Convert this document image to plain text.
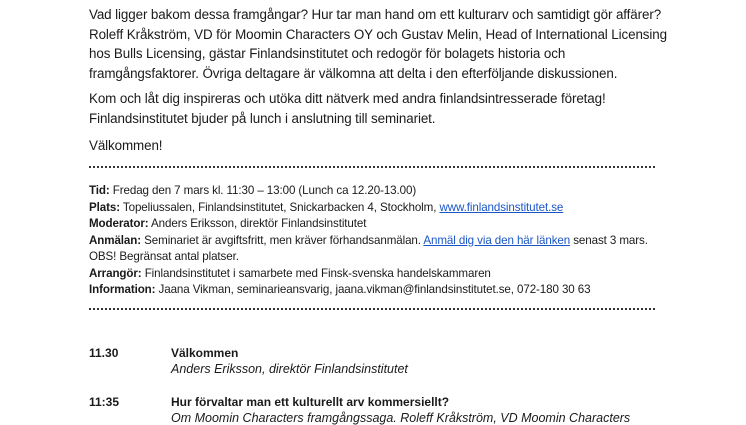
Vad ligger bakom dessa framgångar? Hur tar man hand om ett kulturarv och samtidigt gör affärer? Roleff Kråkström, VD för Moomin Characters OY och Gustav Melin, Head of International Licensing hos Bulls Licensing, gästar Finlandsinstitutet och redogör för bolagets historia och framgångsfaktorer. Övriga deltagare är välkomna att delta i den efterföljande diskussionen.

Kom och låt dig inspireras och utöka ditt nätverk med andra finlandsintresserade företag! Finlandsinstitutet bjuder på lunch i anslutning till seminariet.

Välkommen!

Tid: Fredag den 7 mars kl. 11:30 – 13:00 (Lunch ca 12.20-13.00)
Plats: Topeliussalen, Finlandsinstitutet, Snickarbacken 4, Stockholm, www.finlandsinstitutet.se
Moderator: Anders Eriksson, direktör Finlandsinstitutet
Anmälan: Seminariet är avgiftsfritt, men kräver förhandsanmälan. Anmäl dig via den här länken senast 3 mars. OBS! Begränsat antal platser.
Arrangör: Finlandsinstitutet i samarbete med Finsk-svenska handelskammaren
Information: Jaana Vikman, seminarieansvarig, jaana.vikman@finlandsinstitutet.se, 072-180 30 63
11.30	Välkommen
Anders Eriksson, direktör Finlandsinstitutet
11:35	Hur förvaltar man ett kulturellt arv kommersiellt?
Om Moomin Characters framgångssaga. Roleff Kråkström, VD Moomin Characters
